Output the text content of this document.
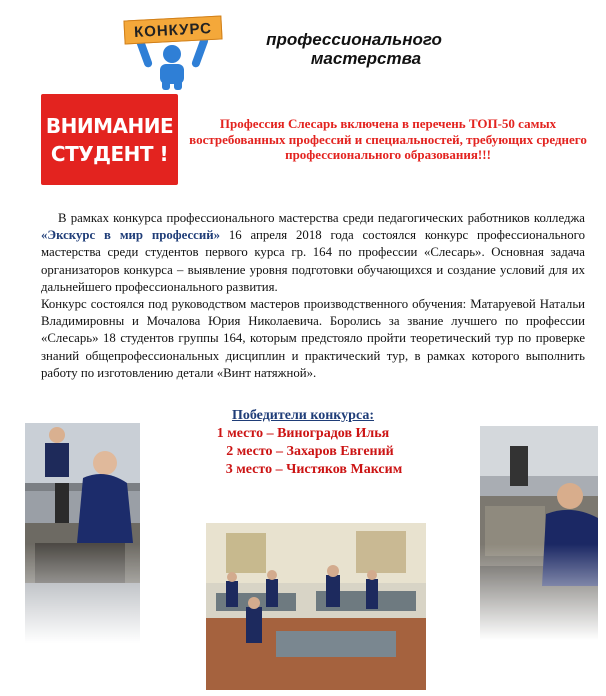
КОНКУРС	профессионального
мастерства
ВНИМАНИЕ
СТУДЕНТ !
Профессия Слесарь включена в перечень ТОП-50 самых востребованных профессий и специальностей, требующих среднего профессионального образования!!!

В рамках конкурса профессионального мастерства среди педагогических работников колледжа «Экскурс в мир профессий» 16 апреля 2018 года состоялся конкурс профессионального мастерства среди студентов первого курса гр. 164 по профессии «Слесарь». Основная задача организаторов конкурса – выявление уровня подготовки обучающихся и создание условий для их дальнейшего профессионального развития.

Конкурс состоялся под руководством мастеров производственного обучения: Матаруевой Натальи Владимировны и Мочалова Юрия Николаевича. Боролись за звание лучшего по профессии «Слесарь» 18 студентов группы 164, которым предстояло пройти теоретический тур по проверке знаний общепрофессиональных дисциплин и практический тур, в рамках которого выполнить работу по изготовлению детали «Винт натяжной».

Победители конкурса:
1 место – Виноградов Илья
2 место – Захаров Евгений
3 место – Чистяков Максим
